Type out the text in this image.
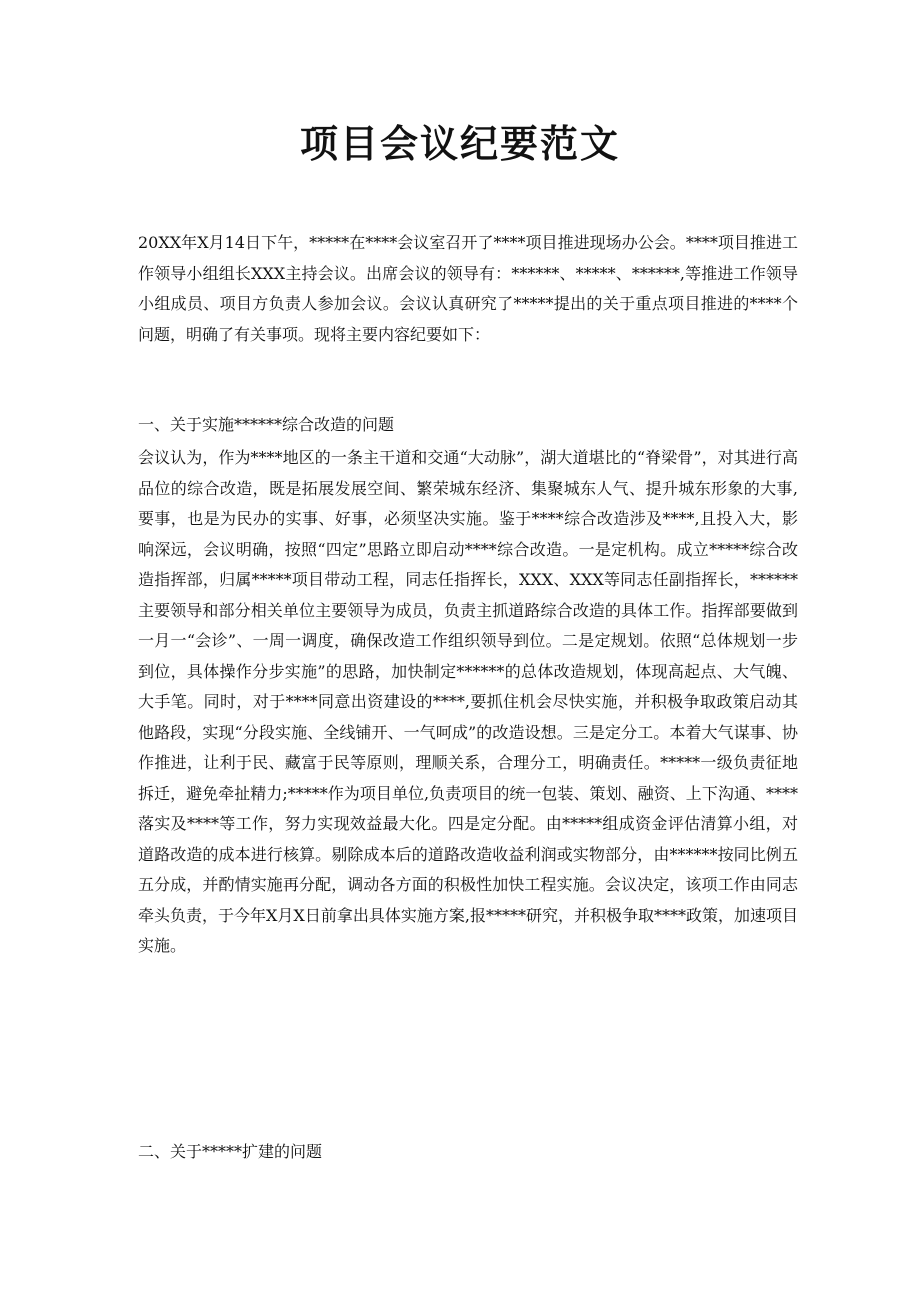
项目会议纪要范文

20XX年X月14日下午，*****在****会议室召开了****项目推进现场办公会。****项目推进工作领导小组组长XXX主持会议。出席会议的领导有：******、*****、******,等推进工作领导小组成员、项目方负责人参加会议。会议认真研究了*****提出的关于重点项目推进的****个问题，明确了有关事项。现将主要内容纪要如下：

一、关于实施******综合改造的问题

会议认为，作为****地区的一条主干道和交通“大动脉”，湖大道堪比的“脊梁骨”，对其进行高品位的综合改造，既是拓展发展空间、繁荣城东经济、集聚城东人气、提升城东形象的大事,要事，也是为民办的实事、好事，必须坚决实施。鉴于****综合改造涉及****,且投入大，影响深远，会议明确，按照“四定”思路立即启动****综合改造。一是定机构。成立*****综合改造指挥部，归属*****项目带动工程，同志任指挥长，XXX、XXX等同志任副指挥长，******主要领导和部分相关单位主要领导为成员，负责主抓道路综合改造的具体工作。指挥部要做到一月一“会诊”、一周一调度，确保改造工作组织领导到位。二是定规划。依照“总体规划一步到位，具体操作分步实施”的思路，加快制定******的总体改造规划，体现高起点、大气魄、大手笔。同时，对于****同意出资建设的****,要抓住机会尽快实施，并积极争取政策启动其他路段，实现“分段实施、全线铺开、一气呵成”的改造设想。三是定分工。本着大气谋事、协作推进，让利于民、藏富于民等原则，理顺关系，合理分工，明确责任。*****一级负责征地拆迁，避免牵扯精力;*****作为项目单位,负责项目的统一包装、策划、融资、上下沟通、****落实及****等工作，努力实现效益最大化。四是定分配。由*****组成资金评估清算小组，对道路改造的成本进行核算。剔除成本后的道路改造收益利润或实物部分，由******按同比例五五分成，并酌情实施再分配，调动各方面的积极性加快工程实施。会议决定，该项工作由同志牵头负责，于今年X月X日前拿出具体实施方案,报*****研究，并积极争取****政策，加速项目实施。

二、关于*****扩建的问题
